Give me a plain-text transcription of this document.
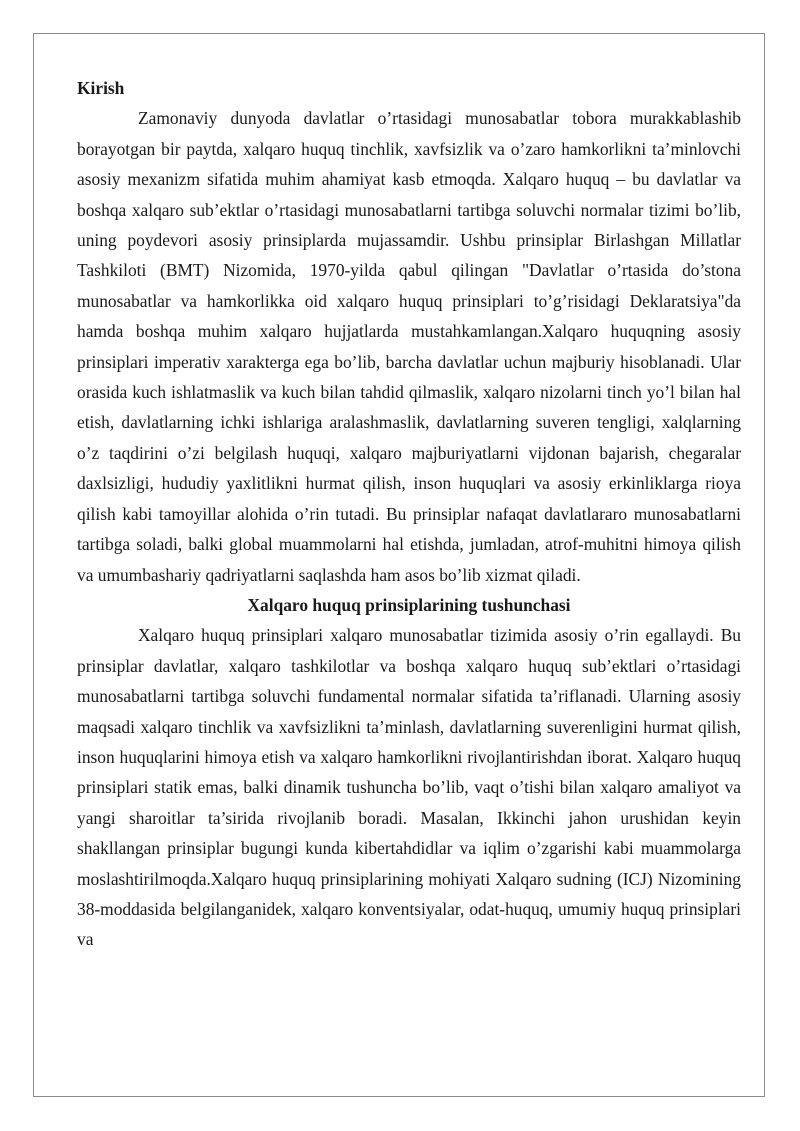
Kirish

Zamonaviy dunyoda davlatlar o’rtasidagi munosabatlar tobora murakkablashib borayotgan bir paytda, xalqaro huquq tinchlik, xavfsizlik va o’zaro hamkorlikni ta’minlovchi asosiy mexanizm sifatida muhim ahamiyat kasb etmoqda. Xalqaro huquq – bu davlatlar va boshqa xalqaro sub’ektlar o’rtasidagi munosabatlarni tartibga soluvchi normalar tizimi bo’lib, uning poydevori asosiy prinsiplarda mujassamdir. Ushbu prinsiplar Birlashgan Millatlar Tashkiloti (BMT) Nizomida, 1970-yilda qabul qilingan "Davlatlar o’rtasida do’stona munosabatlar va hamkorlikka oid xalqaro huquq prinsiplari to’g’risidagi Deklaratsiya"da hamda boshqa muhim xalqaro hujjatlarda mustahkamlangan.Xalqaro huquqning asosiy prinsiplari imperativ xarakterga ega bo’lib, barcha davlatlar uchun majburiy hisoblanadi. Ular orasida kuch ishlatmaslik va kuch bilan tahdid qilmaslik, xalqaro nizolarni tinch yo’l bilan hal etish, davlatlarning ichki ishlariga aralashmaslik, davlatlarning suveren tengligi, xalqlarning o’z taqdirini o’zi belgilash huquqi, xalqaro majburiyatlarni vijdonan bajarish, chegaralar daxlsizligi, hududiy yaxlitlikni hurmat qilish, inson huquqlari va asosiy erkinliklarga rioya qilish kabi tamoyillar alohida o’rin tutadi. Bu prinsiplar nafaqat davlatlararo munosabatlarni tartibga soladi, balki global muammolarni hal etishda, jumladan, atrof-muhitni himoya qilish va umumbashariy qadriyatlarni saqlashda ham asos bo’lib xizmat qiladi.

Xalqaro huquq prinsiplarining tushunchasi

Xalqaro huquq prinsiplari xalqaro munosabatlar tizimida asosiy o’rin egallaydi. Bu prinsiplar davlatlar, xalqaro tashkilotlar va boshqa xalqaro huquq sub’ektlari o’rtasidagi munosabatlarni tartibga soluvchi fundamental normalar sifatida ta’riflanadi. Ularning asosiy maqsadi xalqaro tinchlik va xavfsizlikni ta’minlash, davlatlarning suverenligini hurmat qilish, inson huquqlarini himoya etish va xalqaro hamkorlikni rivojlantirishdan iborat. Xalqaro huquq prinsiplari statik emas, balki dinamik tushuncha bo’lib, vaqt o’tishi bilan xalqaro amaliyot va yangi sharoitlar ta’sirida rivojlanib boradi. Masalan, Ikkinchi jahon urushidan keyin shakllangan prinsiplar bugungi kunda kibertahdidlar va iqlim o’zgarishi kabi muammolarga moslashtirilmoqda.Xalqaro huquq prinsiplarining mohiyati Xalqaro sudning (ICJ) Nizomining 38-moddasida belgilanganidek, xalqaro konventsiyalar, odat-huquq, umumiy huquq prinsiplari va
